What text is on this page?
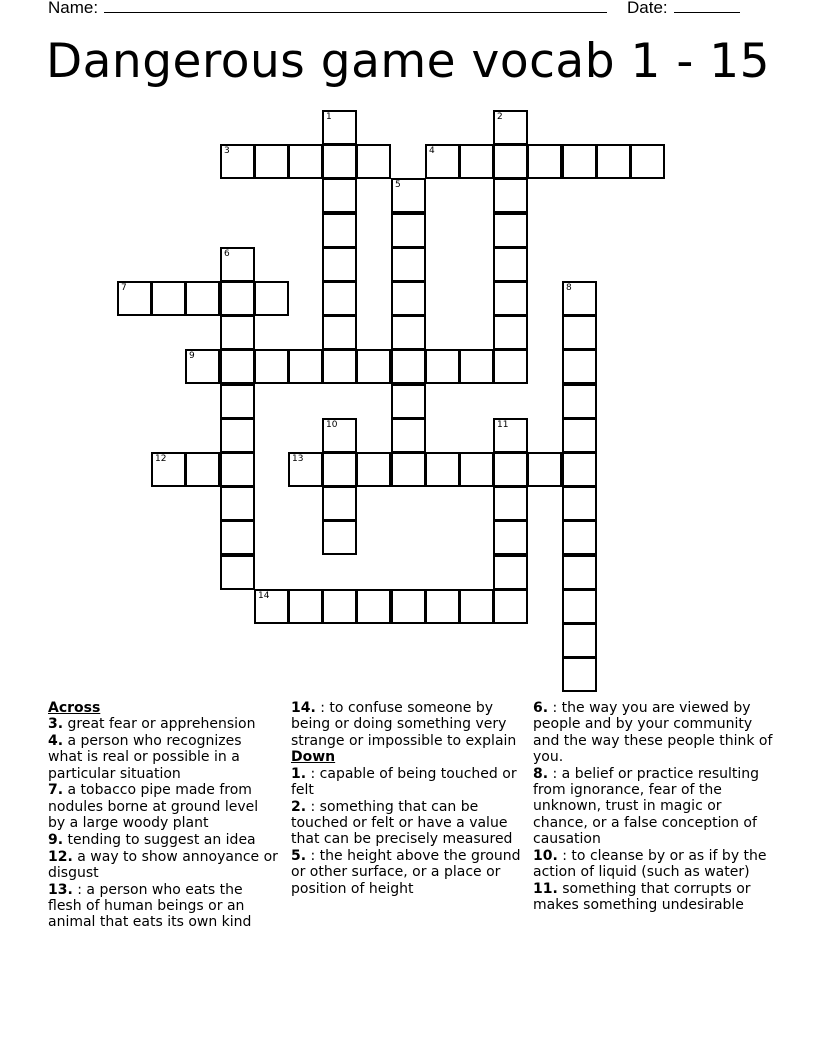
Name:	Date:
Dangerous game vocab 1 - 15
1	2
3	4
5
6
7	8
9
10	11
12	13
14
Across

3. great fear or apprehension

4. a person who recognizes what is real or possible in a particular situation

7. a tobacco pipe made from nodules borne at ground level by a large woody plant

9. tending to suggest an idea

12. a way to show annoyance or disgust

13. : a person who eats the flesh of human beings or an animal that eats its own kind

14. : to confuse someone by being or doing something very strange or impossible to explain

Down

1. : capable of being touched or felt

2. : something that can be touched or felt or have a value that can be precisely measured

5. : the height above the ground or other surface, or a place or position of height

6. : the way you are viewed by people and by your community and the way these people think of you.

8. : a belief or practice resulting from ignorance, fear of the unknown, trust in magic or chance, or a false conception of causation

10. : to cleanse by or as if by the action of liquid (such as water)

11. something that corrupts or makes something undesirable
